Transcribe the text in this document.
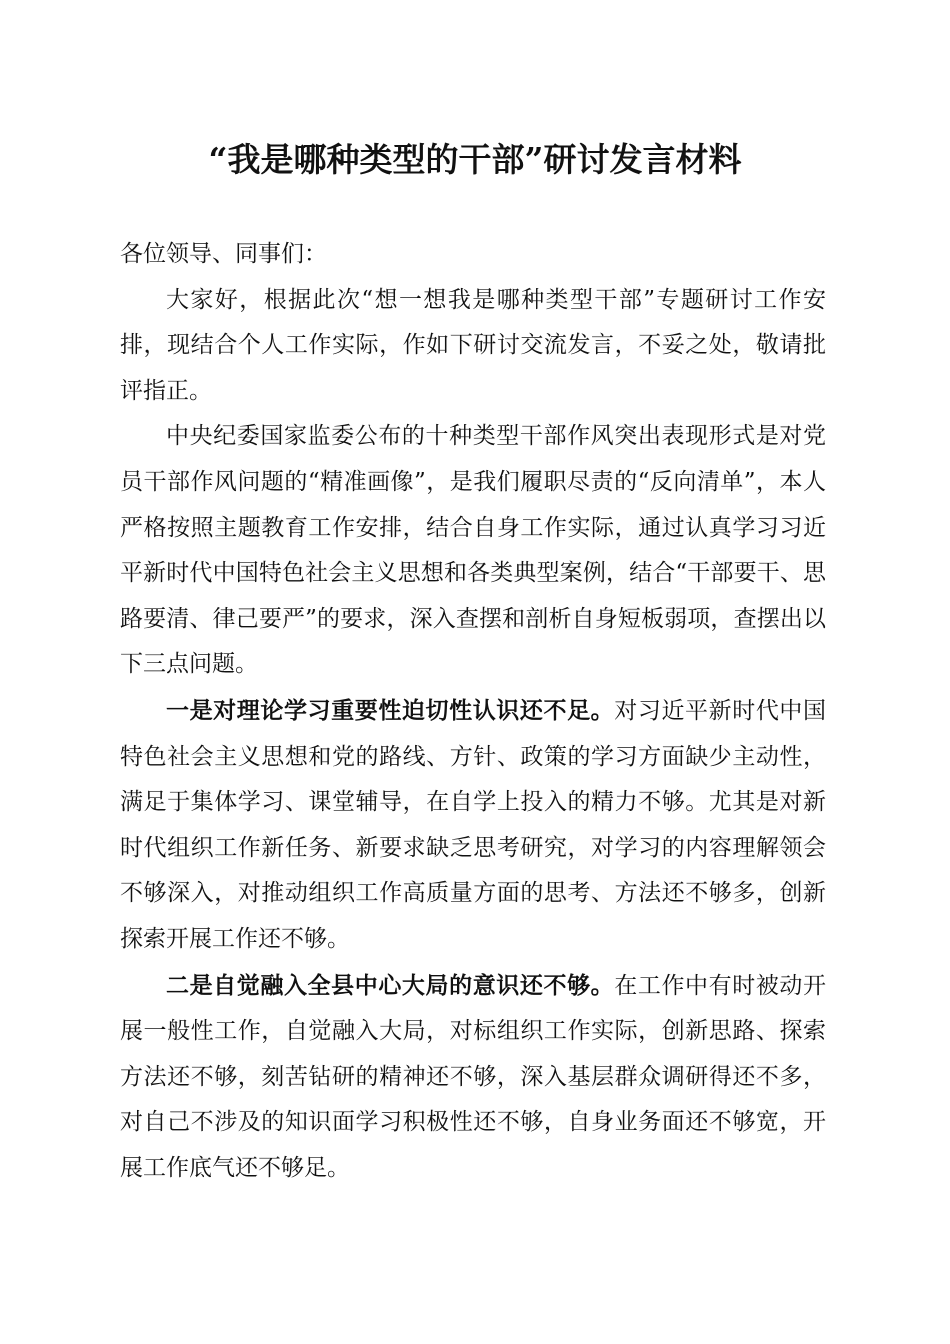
“我是哪种类型的干部”研讨发言材料

各位领导、同事们：

大家好，根据此次“想一想我是哪种类型干部”专题研讨工作安排，现结合个人工作实际，作如下研讨交流发言，不妥之处，敬请批评指正。

中央纪委国家监委公布的十种类型干部作风突出表现形式是对党员干部作风问题的“精准画像”，是我们履职尽责的“反向清单”，本人严格按照主题教育工作安排，结合自身工作实际，通过认真学习习近平新时代中国特色社会主义思想和各类典型案例，结合“干部要干、思路要清、律己要严”的要求，深入查摆和剖析自身短板弱项，查摆出以下三点问题。

一是对理论学习重要性迫切性认识还不足。对习近平新时代中国特色社会主义思想和党的路线、方针、政策的学习方面缺少主动性，满足于集体学习、课堂辅导，在自学上投入的精力不够。尤其是对新时代组织工作新任务、新要求缺乏思考研究，对学习的内容理解领会不够深入，对推动组织工作高质量方面的思考、方法还不够多，创新探索开展工作还不够。

二是自觉融入全县中心大局的意识还不够。在工作中有时被动开展一般性工作，自觉融入大局，对标组织工作实际，创新思路、探索方法还不够，刻苦钻研的精神还不够，深入基层群众调研得还不多，对自己不涉及的知识面学习积极性还不够，自身业务面还不够宽，开展工作底气还不够足。
